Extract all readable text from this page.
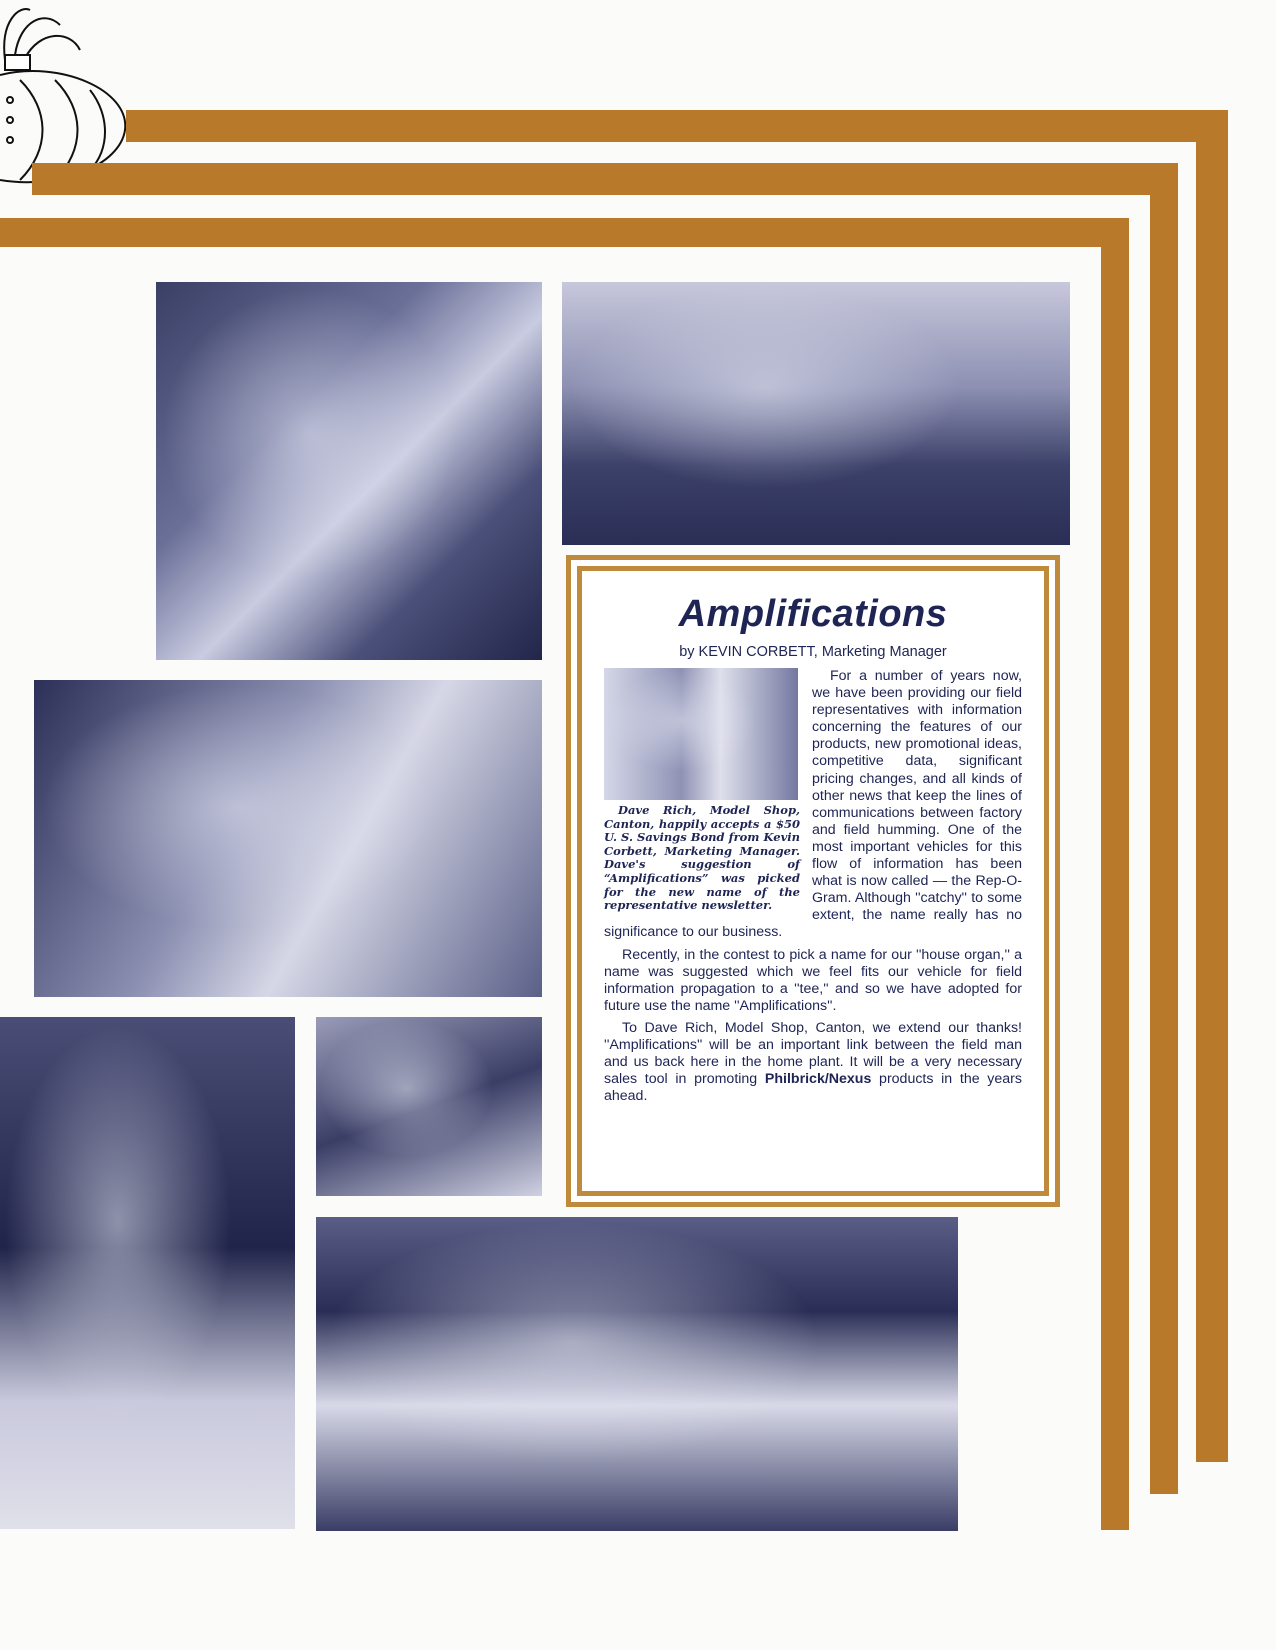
Amplifications
by KEVIN CORBETT, Marketing Manager
Dave Rich, Model Shop, Canton, happily accepts a $50 U. S. Savings Bond from Kevin Corbett, Marketing Manager. Dave's suggestion of “Amplifications” was picked for the new name of the representative newsletter.

For a number of years now, we have been providing our field representatives with information concerning the features of our products, new promotional ideas, competitive data, significant pricing changes, and all kinds of other news that keep the lines of communications between factory and field humming. One of the most important vehicles for this flow of information has been what is now called — the Rep-O-Gram. Although ''catchy'' to some extent, the name really has no significance to our business.

Recently, in the contest to pick a name for our ''house organ,'' a name was suggested which we feel fits our vehicle for field information propagation to a ''tee,'' and so we have adopted for future use the name ''Amplifications''.

To Dave Rich, Model Shop, Canton, we extend our thanks! ''Amplifications'' will be an important link between the field man and us back here in the home plant. It will be a very necessary sales tool in promoting Philbrick/Nexus products in the years ahead.
